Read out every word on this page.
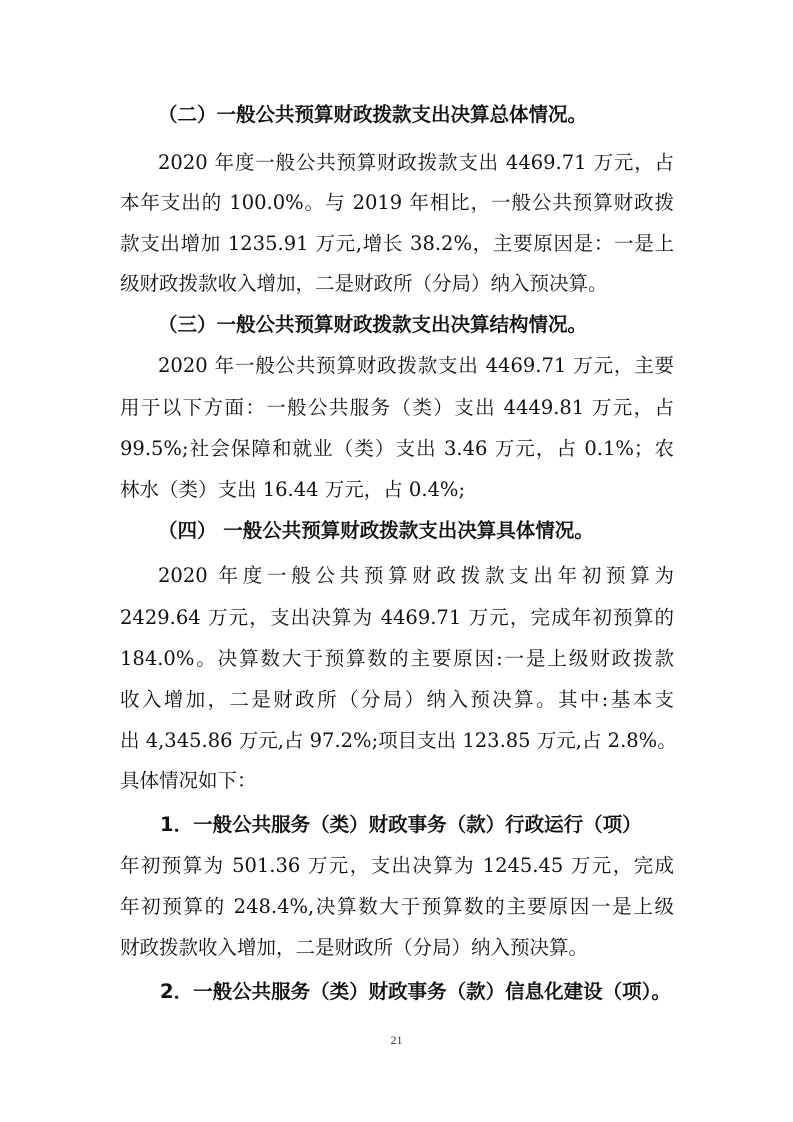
（二）一般公共预算财政拨款支出决算总体情况。

2020 年度一般公共预算财政拨款支出 4469.71 万元，占

本年支出的 100.0%。与 2019 年相比，一般公共预算财政拨

款支出增加 1235.91 万元,增长 38.2%，主要原因是：一是上

级财政拨款收入增加，二是财政所（分局）纳入预决算。

（三）一般公共预算财政拨款支出决算结构情况。

2020 年一般公共预算财政拨款支出 4469.71 万元，主要

用于以下方面：一般公共服务（类）支出 4449.81 万元，占

99.5%;社会保障和就业（类）支出 3.46 万元，占 0.1%；农

林水（类）支出 16.44 万元，占 0.4%;

（四） 一般公共预算财政拨款支出决算具体情况。

2020 年度一般公共预算财政拨款支出年初预算为

2429.64 万元，支出决算为 4469.71 万元，完成年初预算的

184.0%。决算数大于预算数的主要原因:一是上级财政拨款

收入增加，二是财政所（分局）纳入预决算。其中:基本支

出 4,345.86 万元,占 97.2%;项目支出 123.85 万元,占 2.8%。

具体情况如下：

1．一般公共服务（类）财政事务（款）行政运行（项）

年初预算为 501.36 万元，支出决算为 1245.45 万元，完成

年初预算的 248.4%,决算数大于预算数的主要原因一是上级

财政拨款收入增加，二是财政所（分局）纳入预决算。

2．一般公共服务（类）财政事务（款）信息化建设（项）。
21
